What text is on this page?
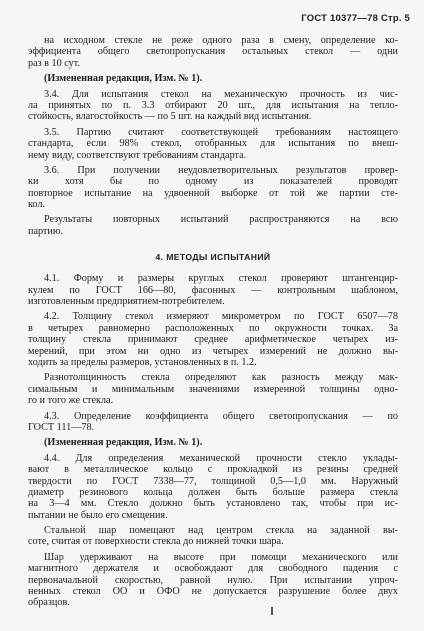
ГОСТ 10377—78 Стр. 5
на исходном стекле не реже одного раза в смену, определение ко-
эффициента общего светопропускания остальных стекол — одни
раз в 10 сут.
(Измененная редакция, Изм. № 1).
3.4. Для испытания стекол на механическую прочность из чис-
ла принятых по п. 3.3 отбирают 20 шт., для испытания на тепло-
стойкость, влагостойкость — по 5 шт. на каждый вид испытания.
3.5. Партию считают соответствующей требованиям настоящего
стандарта, если 98% стекол, отобранных для испытания по внеш-
нему виду, соответствуют требованиям стандарта.
3.6. При получении неудовлетворительных результатов провер-
ки хотя бы по одному из показателей проводят
повторное испытание на удвоенной выборке от той же партии сте-
кол.
Результаты повторных испытаний распространяются на всю
партию.
4. МЕТОДЫ ИСПЫТАНИЙ
4.1. Форму и размеры круглых стекол проверяют штангенцир-
кулем по ГОСТ 166—80, фасонных — контрольным шаблоном,
изготовленным предприятием-потребителем.
4.2. Толщину стекол измеряют микрометром по ГОСТ 6507—78
в четырех равномерно расположенных по окружности точках. За
толщину стекла принимают среднее арифметическое четырех из-
мерений, при этом ни одно из четырех измерений не должно вы-
ходить за пределы размеров, установленных в п. 1.2.
Разнотолщинность стекла определяют как разность между мак-
симальным и минимальным значениями измеренной толщины одно-
го и того же стекла.
4.3. Определение коэффициента общего светопропускания — по
ГОСТ 111—78.
(Измененная редакция, Изм. № 1).
4.4. Для определения механической прочности стекло уклады-
вают в металлическое кольцо с прокладкой из резины средней
твердости по ГОСТ 7338—77, толщиной 0,5—1,0 мм. Наружный
диаметр резинового кольца должен быть больше размера стекла
на 3—4 мм. Стекло должно быть установлено так, чтобы при ис-
пытании не было его смещения.
Стальной шар помещают над центром стекла на заданной вы-
соте, считая от поверхности стекла до нижней точки шара.
Шар удерживают на высоте при помощи механического или
магнитного держателя и освобождают для свободного падения с
первоначальной скоростью, равной нулю. При испытании упроч-
ненных стекол ОО и ОФО не допускается разрушение более двух
образцов.
